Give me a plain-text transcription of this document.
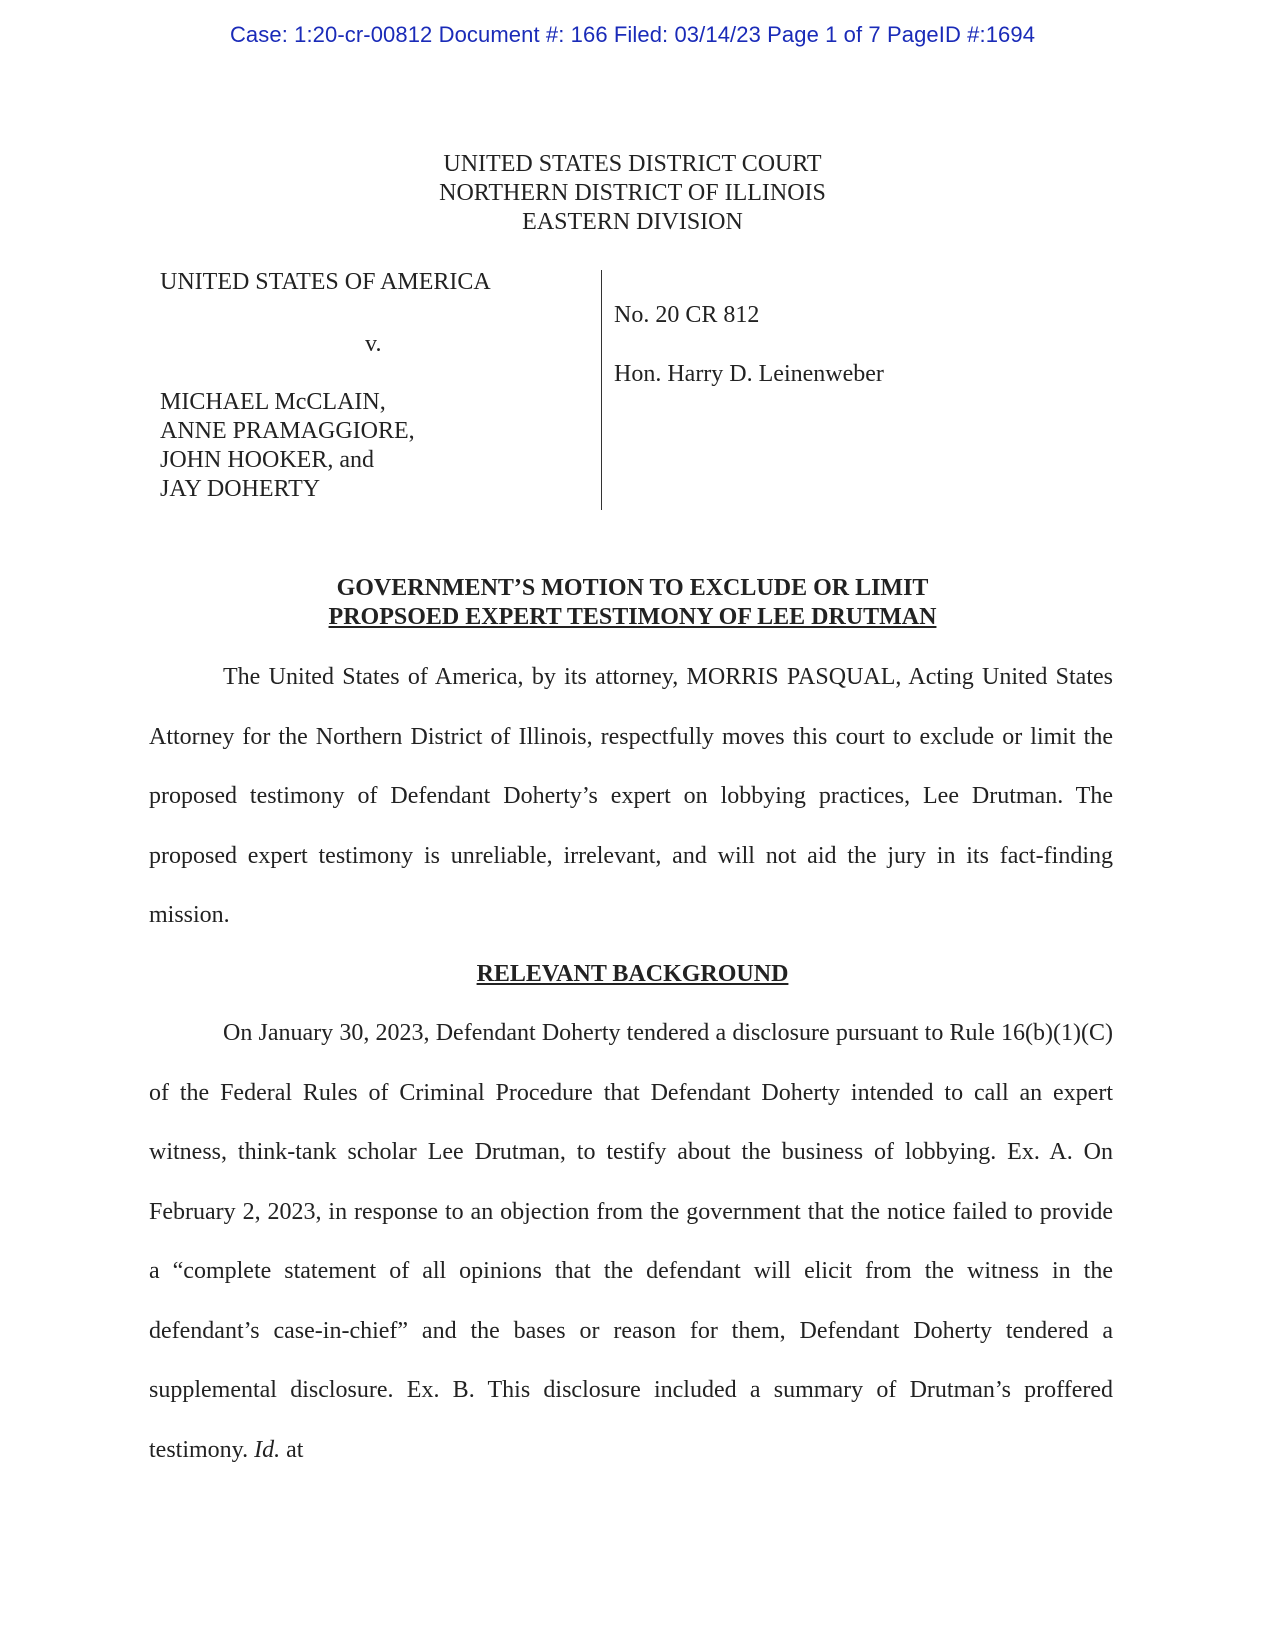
Case: 1:20-cr-00812 Document #: 166 Filed: 03/14/23 Page 1 of 7 PageID #:1694
UNITED STATES DISTRICT COURT
NORTHERN DISTRICT OF ILLINOIS
EASTERN DIVISION
UNITED STATES OF AMERICA
v.
MICHAEL McCLAIN,
ANNE PRAMAGGIORE,
JOHN HOOKER, and
JAY DOHERTY
No. 20 CR 812
Hon. Harry D. Leinenweber
GOVERNMENT’S MOTION TO EXCLUDE OR LIMIT
PROPSOED EXPERT TESTIMONY OF LEE DRUTMAN

The United States of America, by its attorney, MORRIS PASQUAL, Acting United States Attorney for the Northern District of Illinois, respectfully moves this court to exclude or limit the proposed testimony of Defendant Doherty’s expert on lobbying practices, Lee Drutman. The proposed expert testimony is unreliable, irrelevant, and will not aid the jury in its fact-finding mission.

RELEVANT BACKGROUND

On January 30, 2023, Defendant Doherty tendered a disclosure pursuant to Rule 16(b)(1)(C) of the Federal Rules of Criminal Procedure that Defendant Doherty intended to call an expert witness, think-tank scholar Lee Drutman, to testify about the business of lobbying. Ex. A. On February 2, 2023, in response to an objection from the government that the notice failed to provide a “complete statement of all opinions that the defendant will elicit from the witness in the defendant’s case-in-chief” and the bases or reason for them, Defendant Doherty tendered a supplemental disclosure. Ex. B. This disclosure included a summary of Drutman’s proffered testimony. Id. at
